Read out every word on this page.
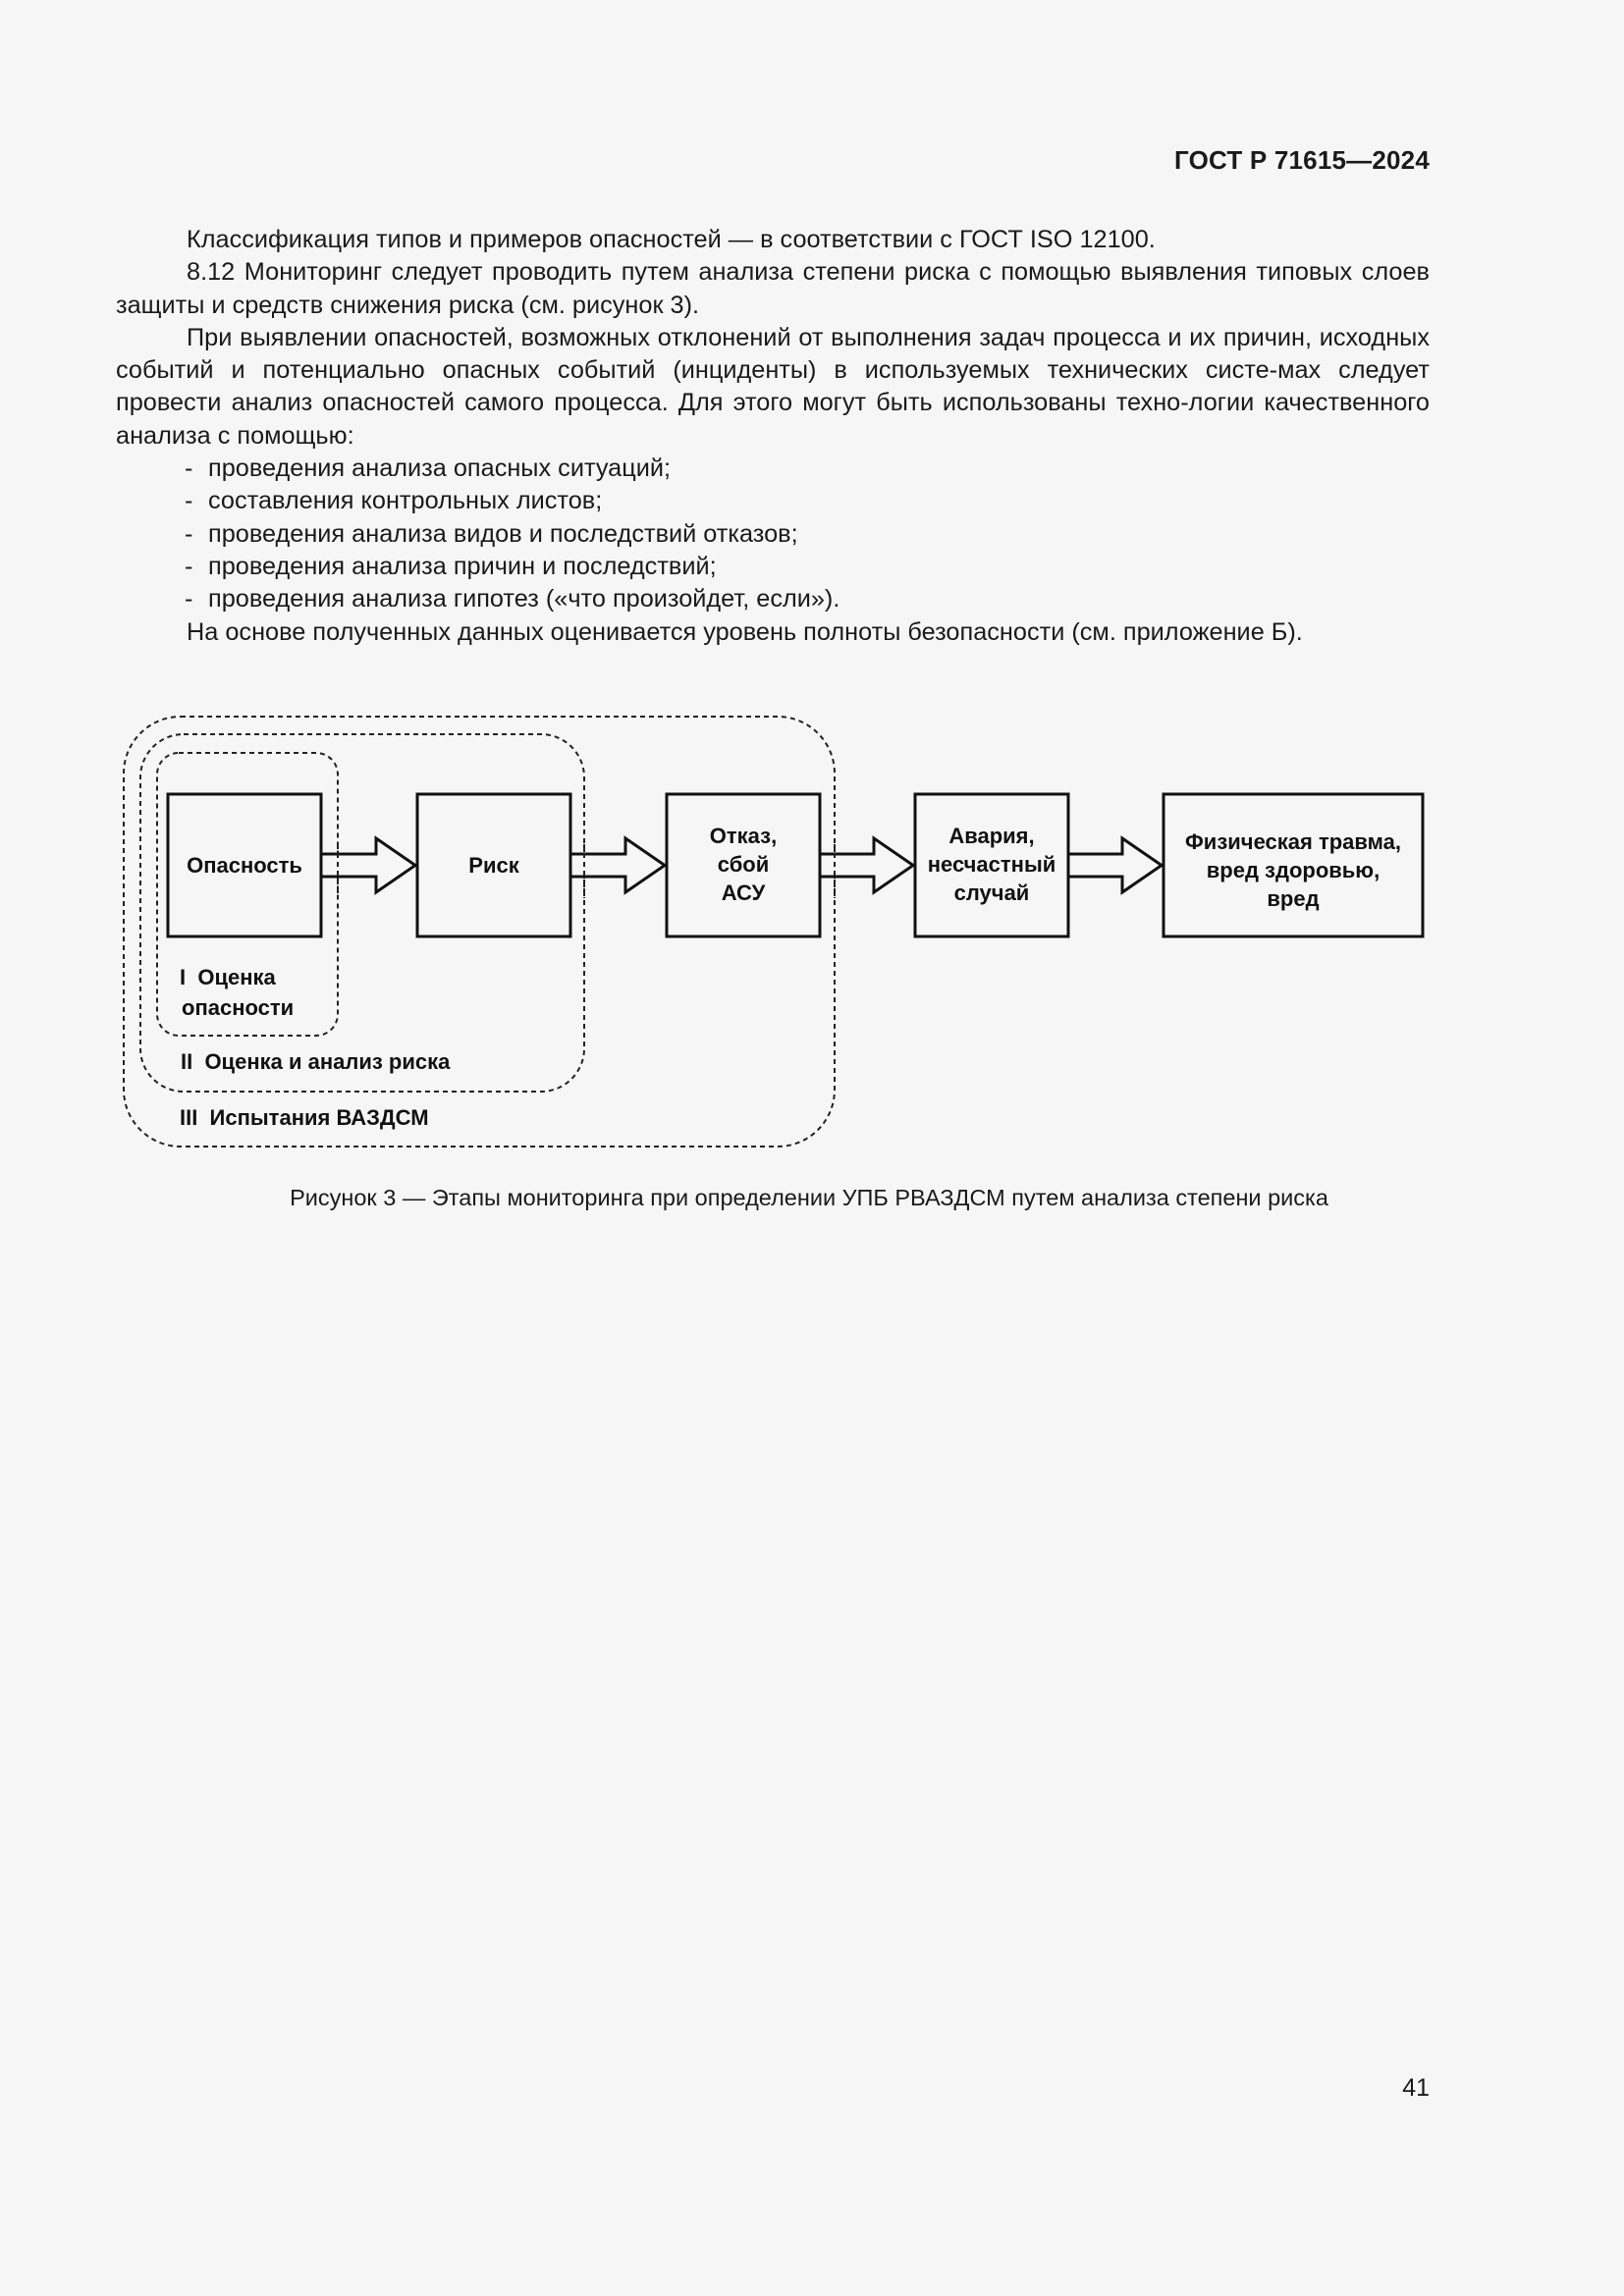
ГОСТ Р 71615—2024

Классификация типов и примеров опасностей — в соответствии с ГОСТ ISO 12100.

8.12 Мониторинг следует проводить путем анализа степени риска с помощью выявления типовых слоев защиты и средств снижения риска (см. рисунок 3).

При выявлении опасностей, возможных отклонений от выполнения задач процесса и их причин, исходных событий и потенциально опасных событий (инциденты) в используемых технических систе-мах следует провести анализ опасностей самого процесса. Для этого могут быть использованы техно-логии качественного анализа с помощью:

- проведения анализа опасных ситуаций;
- составления контрольных листов;
- проведения анализа видов и последствий отказов;
- проведения анализа причин и последствий;
- проведения анализа гипотез («что произойдет, если»).

На основе полученных данных оценивается уровень полноты безопасности (см. приложение Б).

Опасность	Риск
Отказ,
сбой
АСУ
Авария,
несчастный
случай
Физическая травма,
вред здоровью,
вред
I  Оценка
опасности
II  Оценка и анализ риска
III  Испытания ВАЗДСМ
Рисунок 3 — Этапы мониторинга при определении УПБ РВАЗДСМ путем анализа степени риска
41
